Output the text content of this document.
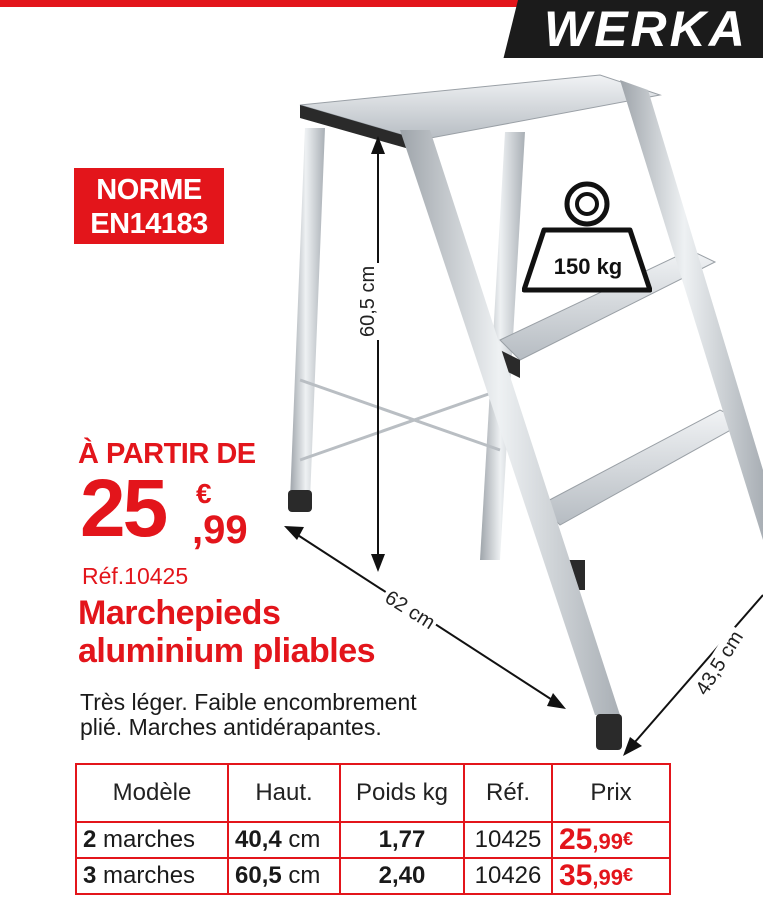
WERKA
150 kg
60,5 cm
62 cm
43,5 cm
NORME
EN14183
À PARTIR DE
25 €
,99
Réf.10425
Marchepieds
aluminium pliables
Très léger. Faible encombrement
plié. Marches antidérapantes.
Modèle	Haut.	Poids kg	Réf.	Prix
2 marches	40,4 cm	1,77	10425	25,99€
3 marches	60,5 cm	2,40	10426	35,99€
